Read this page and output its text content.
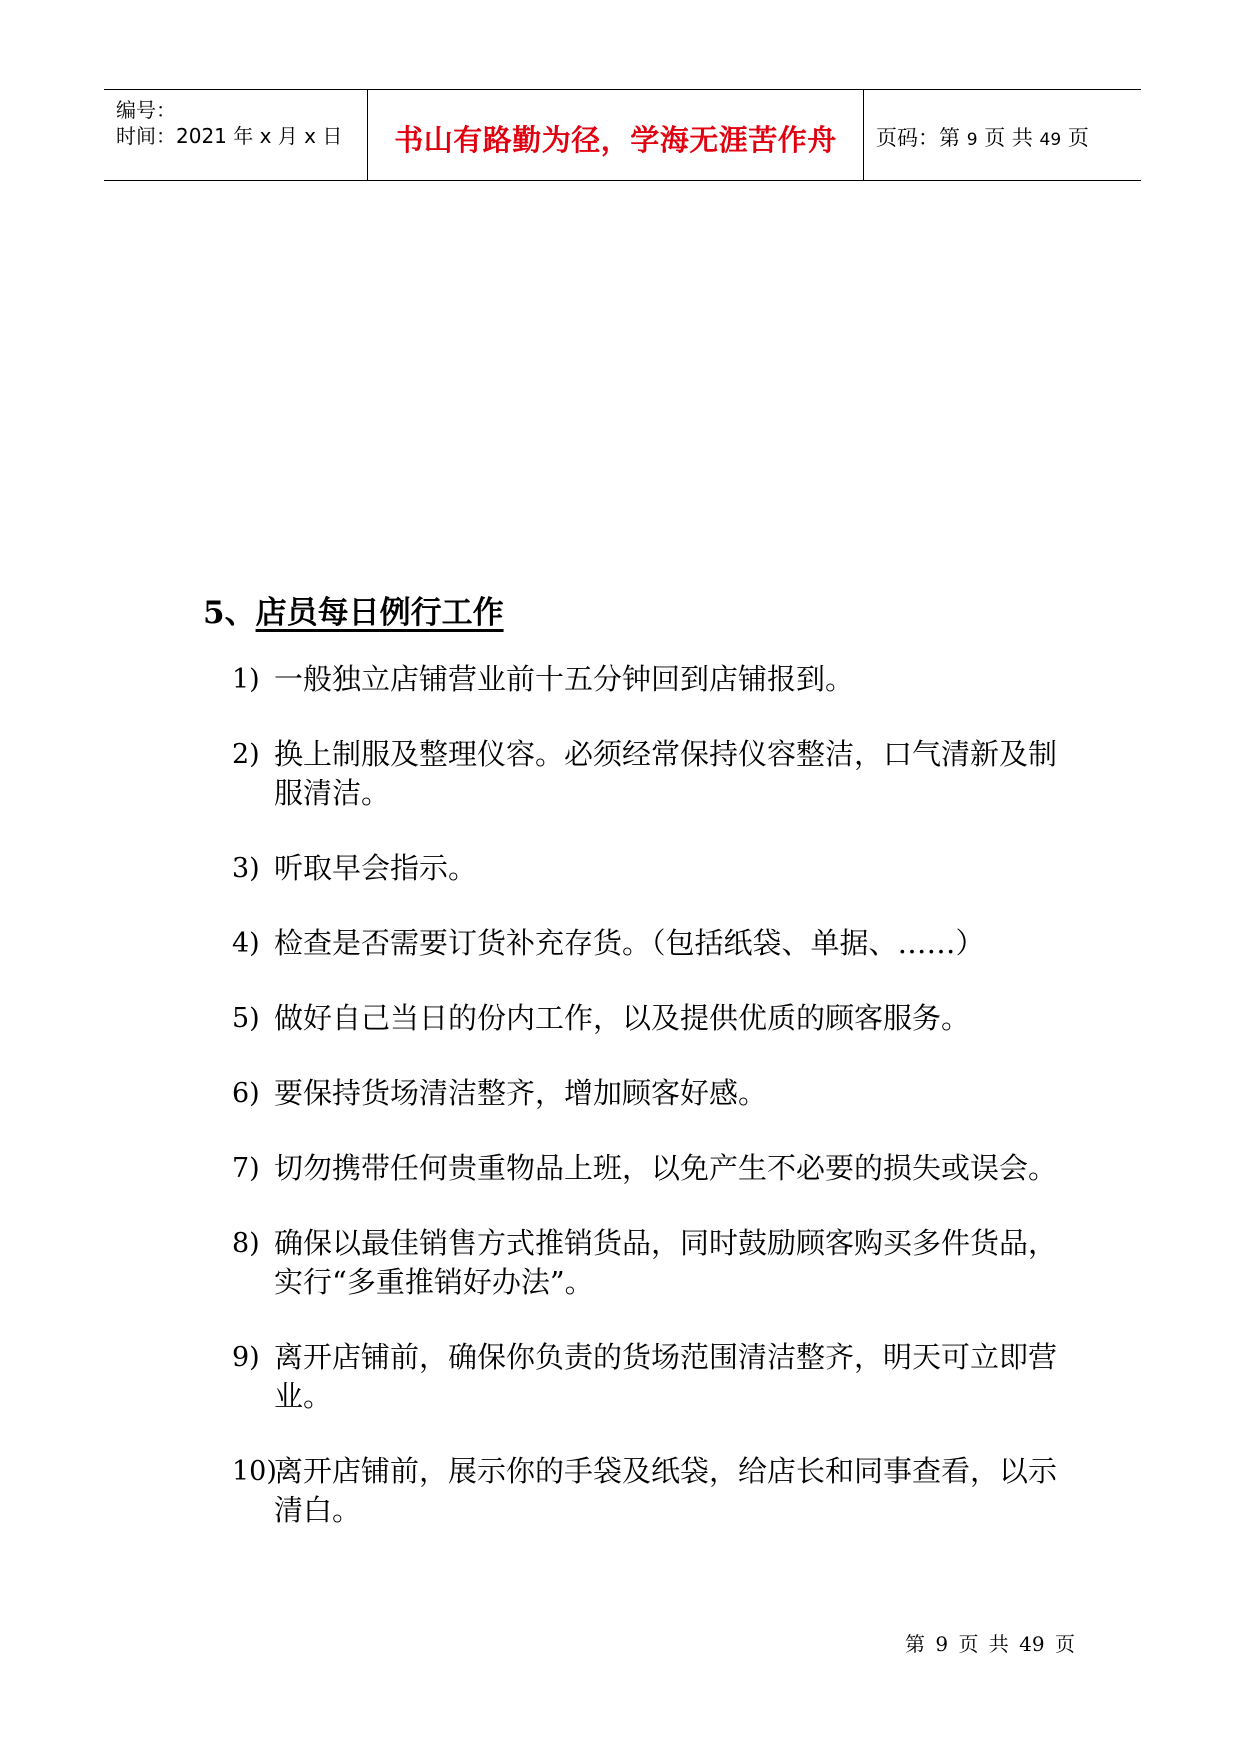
编号：
时间：2021 年 x 月 x 日	书山有路勤为径，学海无涯苦作舟	页码：第 9 页 共 49 页
5、店员每日例行工作
1) 一般独立店铺营业前十五分钟回到店铺报到。
2) 换上制服及整理仪容。必须经常保持仪容整洁，口气清新及制服清洁。
3) 听取早会指示。
4) 检查是否需要订货补充存货。（包括纸袋、单据、……）
5) 做好自己当日的份内工作，以及提供优质的顾客服务。
6) 要保持货场清洁整齐，增加顾客好感。
7) 切勿携带任何贵重物品上班，以免产生不必要的损失或误会。
8) 确保以最佳销售方式推销货品，同时鼓励顾客购买多件货品，实行“多重推销好办法”。
9) 离开店铺前，确保你负责的货场范围清洁整齐，明天可立即营业。
10)
离开店铺前，展示你的手袋及纸袋，给店长和同事查看，以示清白。
第 9 页 共 49 页
